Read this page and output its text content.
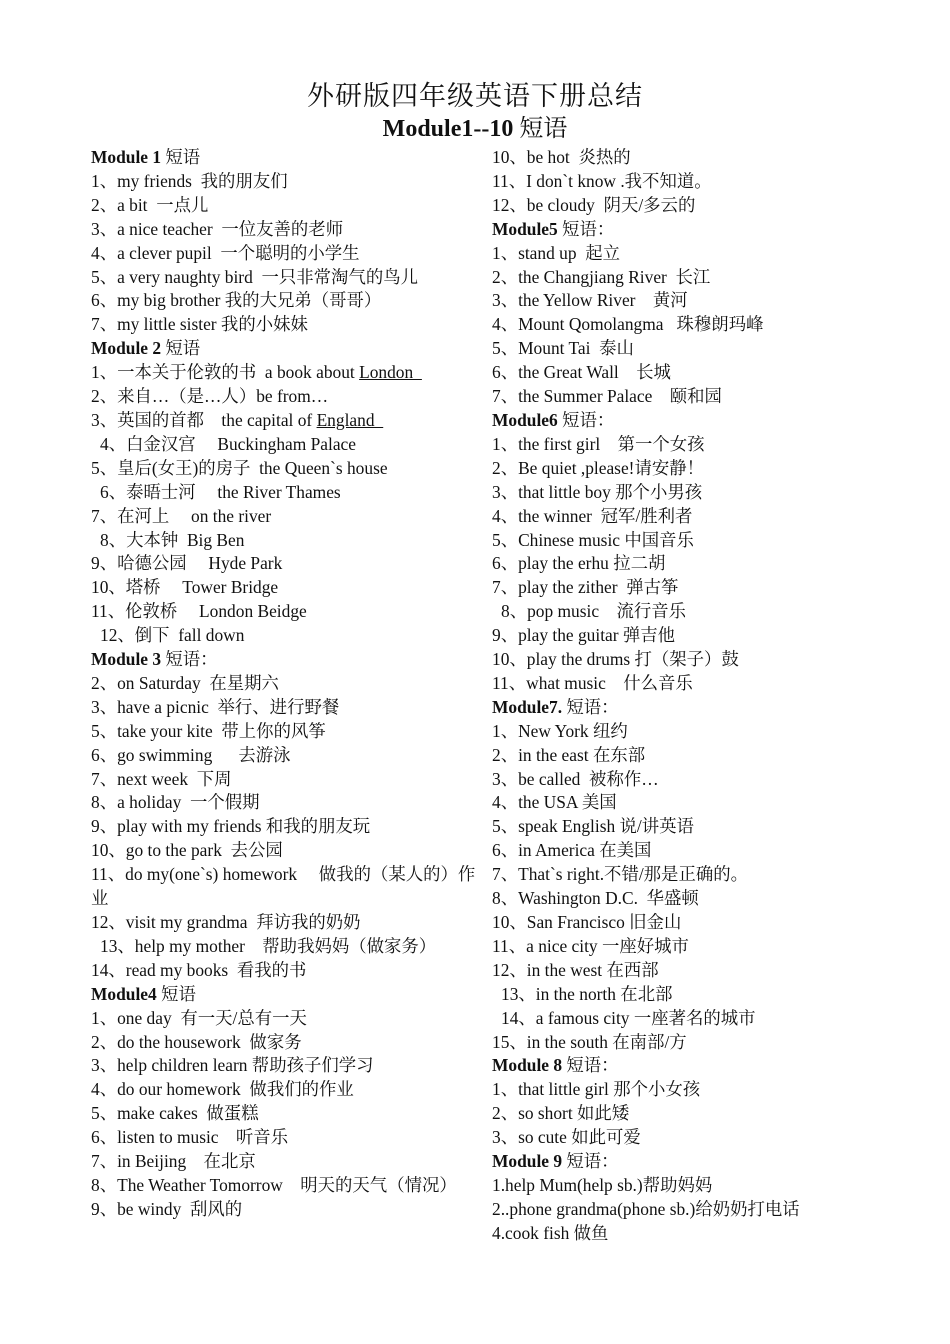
外研版四年级英语下册总结
Module1--10 短语
Module 1 短语
1、my friends  我的朋友们
2、a bit  一点儿
3、a nice teacher  一位友善的老师
4、a clever pupil  一个聪明的小学生
5、a very naughty bird  一只非常淘气的鸟儿
6、my big brother 我的大兄弟（哥哥）
7、my little sister 我的小妹妹
Module 2 短语
1、一本关于伦敦的书  a book about London
2、来自…（是…人）be from…
3、英国的首都    the capital of England
4、白金汉宫     Buckingham Palace
5、皇后(女王)的房子  the Queen`s house
6、泰晤士河     the River Thames
7、在河上     on the river
8、大本钟  Big Ben
9、哈德公园     Hyde Park
10、塔桥     Tower Bridge
11、伦敦桥     London Beidge
12、倒下  fall down
Module 3 短语：
2、on Saturday  在星期六
3、have a picnic  举行、进行野餐
5、take your kite  带上你的风筝
6、go swimming      去游泳
7、next week  下周
8、a holiday  一个假期
9、play with my friends 和我的朋友玩
10、go to the park  去公园
11、do my(one`s) homework     做我的（某人的）作业
12、visit my grandma  拜访我的奶奶
13、help my mother    帮助我妈妈（做家务）
14、read my books  看我的书
Module4 短语
1、one day  有一天/总有一天
2、do the housework  做家务
3、help children learn 帮助孩子们学习
4、do our homework  做我们的作业
5、make cakes  做蛋糕
6、listen to music    听音乐
7、in Beijing    在北京
8、The Weather Tomorrow    明天的天气（情况）
9、be windy  刮风的
10、be hot  炎热的
11、I don`t know .我不知道。
12、be cloudy  阴天/多云的
Module5 短语：
1、stand up  起立
2、the Changjiang River  长江
3、the Yellow River    黄河
4、Mount Qomolangma   珠穆朗玛峰
5、Mount Tai  泰山
6、the Great Wall    长城
7、the Summer Palace    颐和园
Module6 短语：
1、the first girl    第一个女孩
2、Be quiet ,please!请安静！
3、that little boy 那个小男孩
4、the winner  冠军/胜利者
5、Chinese music 中国音乐
6、play the erhu 拉二胡
7、play the zither  弹古筝
8、pop music    流行音乐
9、play the guitar 弹吉他
10、play the drums 打（架子）鼓
11、what music    什么音乐
Module7. 短语：
1、New York 纽约
2、in the east 在东部
3、be called  被称作…
4、the USA 美国
5、speak English 说/讲英语
6、in America 在美国
7、That`s right.不错/那是正确的。
8、Washington D.C.  华盛顿
10、San Francisco 旧金山
11、a nice city 一座好城市
12、in the west 在西部
13、in the north 在北部
14、a famous city 一座著名的城市
15、in the south 在南部/方
Module 8 短语：
1、that little girl 那个小女孩
2、so short 如此矮
3、so cute 如此可爱
Module 9 短语：
1.help Mum(help sb.)帮助妈妈
2..phone grandma(phone sb.)给奶奶打电话
4.cook fish 做鱼
